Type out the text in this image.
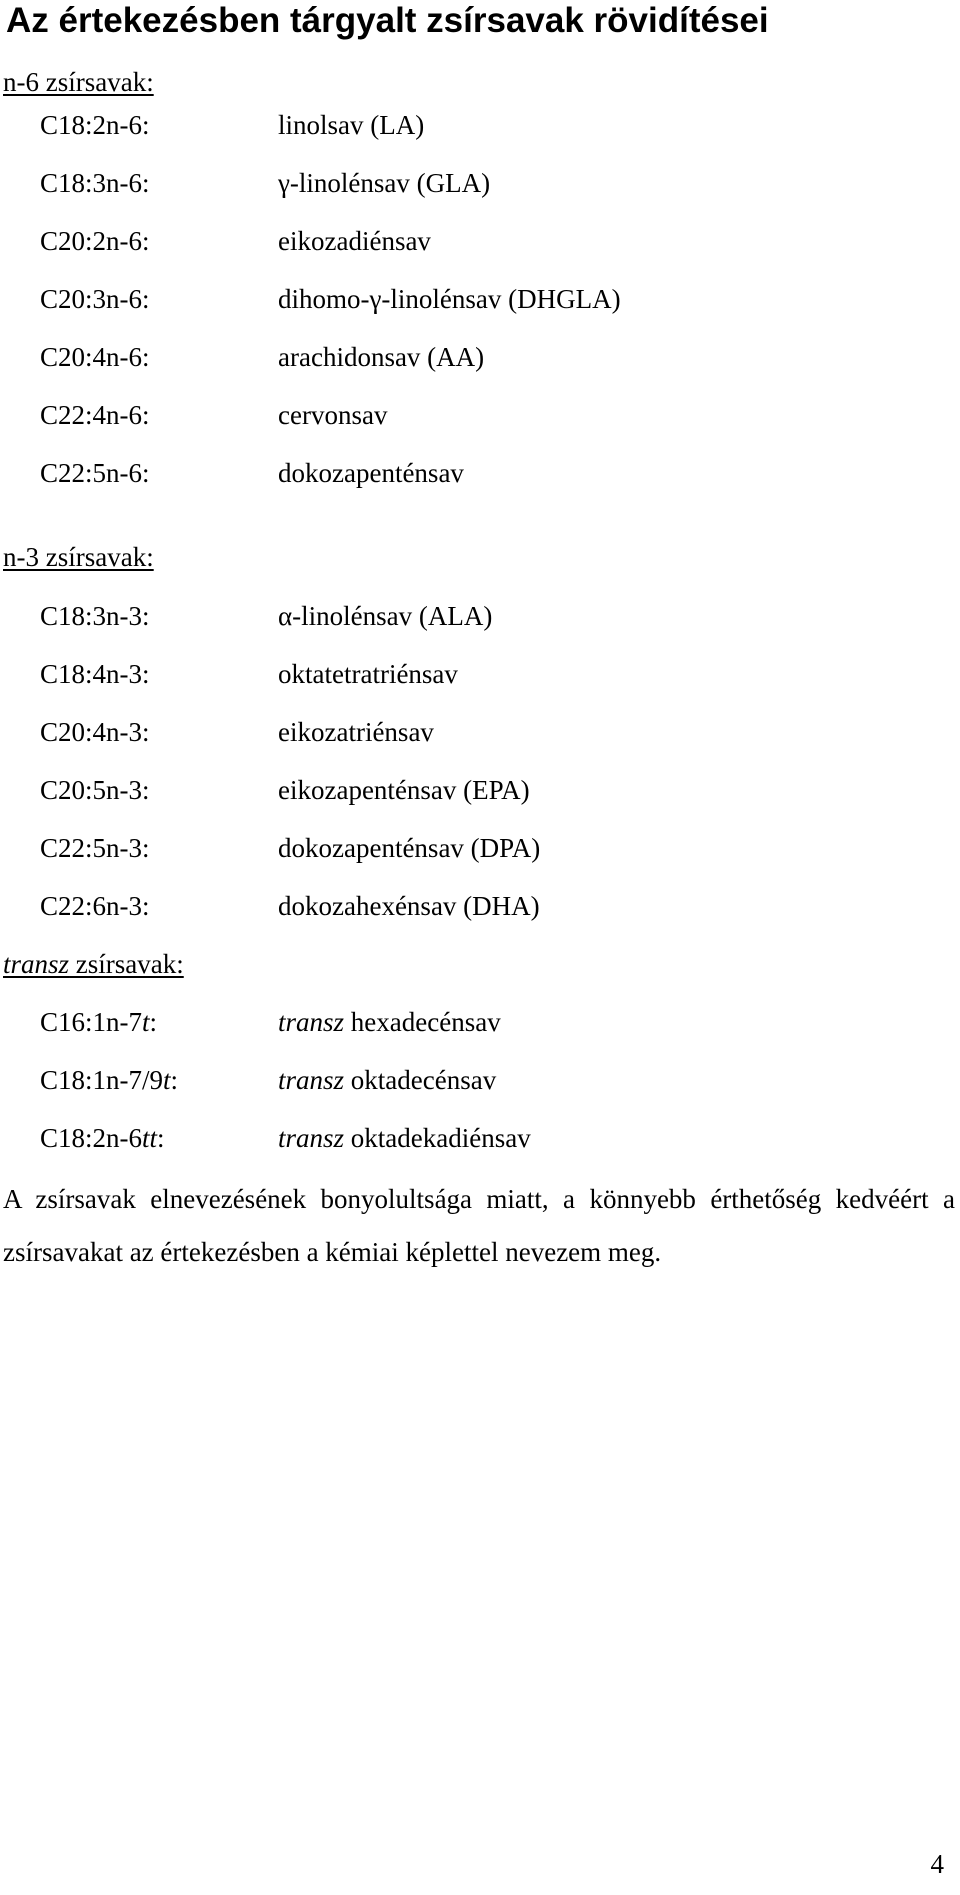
Az értekezésben tárgyalt zsírsavak rövidítései
n-6 zsírsavak:
C18:2n-6:	linolsav (LA)
C18:3n-6:	γ-linolénsav (GLA)
C20:2n-6:	eikozadiénsav
C20:3n-6:	dihomo-γ-linolénsav (DHGLA)
C20:4n-6:	arachidonsav (AA)
C22:4n-6:	cervonsav
C22:5n-6:	dokozapenténsav
n-3 zsírsavak:
C18:3n-3:	α-linolénsav (ALA)
C18:4n-3:	oktatetratriénsav
C20:4n-3:	eikozatriénsav
C20:5n-3:	eikozapenténsav (EPA)
C22:5n-3:	dokozapenténsav (DPA)
C22:6n-3:	dokozahexénsav (DHA)
transz zsírsavak:
C16:1n-7t:	transz hexadecénsav
C18:1n-7/9t:	transz oktadecénsav
C18:2n-6tt:	transz oktadekadiénsav

A zsírsavak elnevezésének bonyolultsága miatt, a könnyebb érthetőség kedvéért a zsírsavakat az értekezésben a kémiai képlettel nevezem meg.

4
